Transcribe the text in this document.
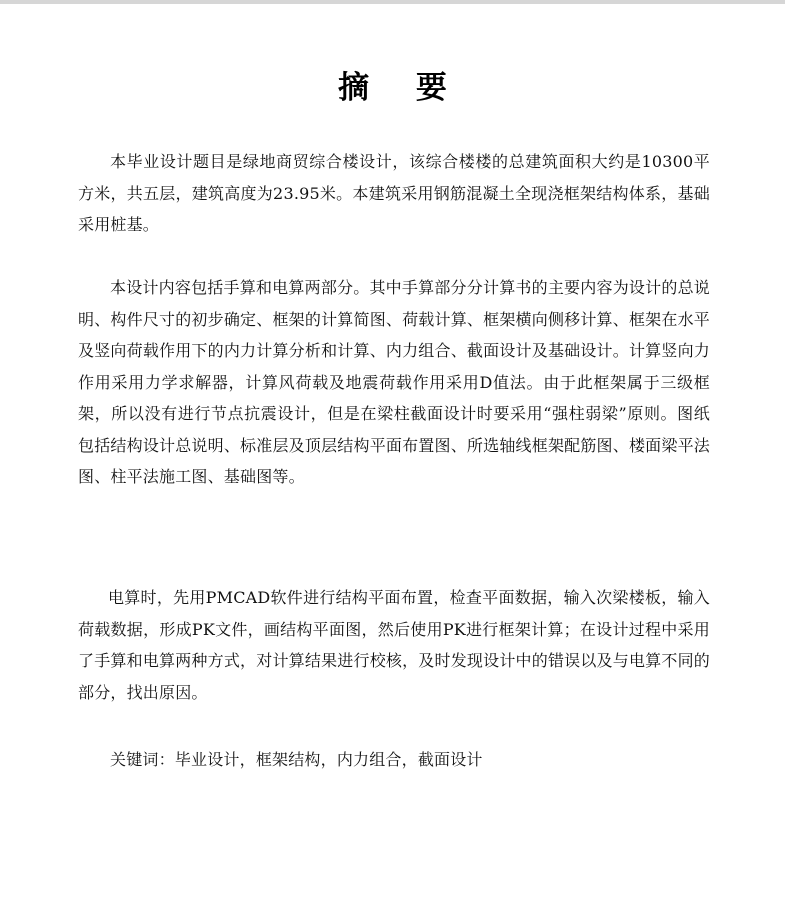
摘 要

本毕业设计题目是绿地商贸综合楼设计，该综合楼楼的总建筑面积大约是10300平方米，共五层，建筑高度为23.95米。本建筑采用钢筋混凝土全现浇框架结构体系，基础采用桩基。

本设计内容包括手算和电算两部分。其中手算部分分计算书的主要内容为设计的总说明、构件尺寸的初步确定、框架的计算简图、荷载计算、框架横向侧移计算、框架在水平及竖向荷载作用下的内力计算分析和计算、内力组合、截面设计及基础设计。计算竖向力作用采用力学求解器，计算风荷载及地震荷载作用采用D值法。由于此框架属于三级框架，所以没有进行节点抗震设计，但是在梁柱截面设计时要采用“强柱弱梁”原则。图纸包括结构设计总说明、标准层及顶层结构平面布置图、所选轴线框架配筋图、楼面梁平法图、柱平法施工图、基础图等。

电算时，先用PMCAD软件进行结构平面布置，检查平面数据，输入次梁楼板，输入荷载数据，形成PK文件，画结构平面图，然后使用PK进行框架计算；在设计过程中采用了手算和电算两种方式，对计算结果进行校核，及时发现设计中的错误以及与电算不同的部分，找出原因。

关键词：毕业设计，框架结构，内力组合，截面设计
